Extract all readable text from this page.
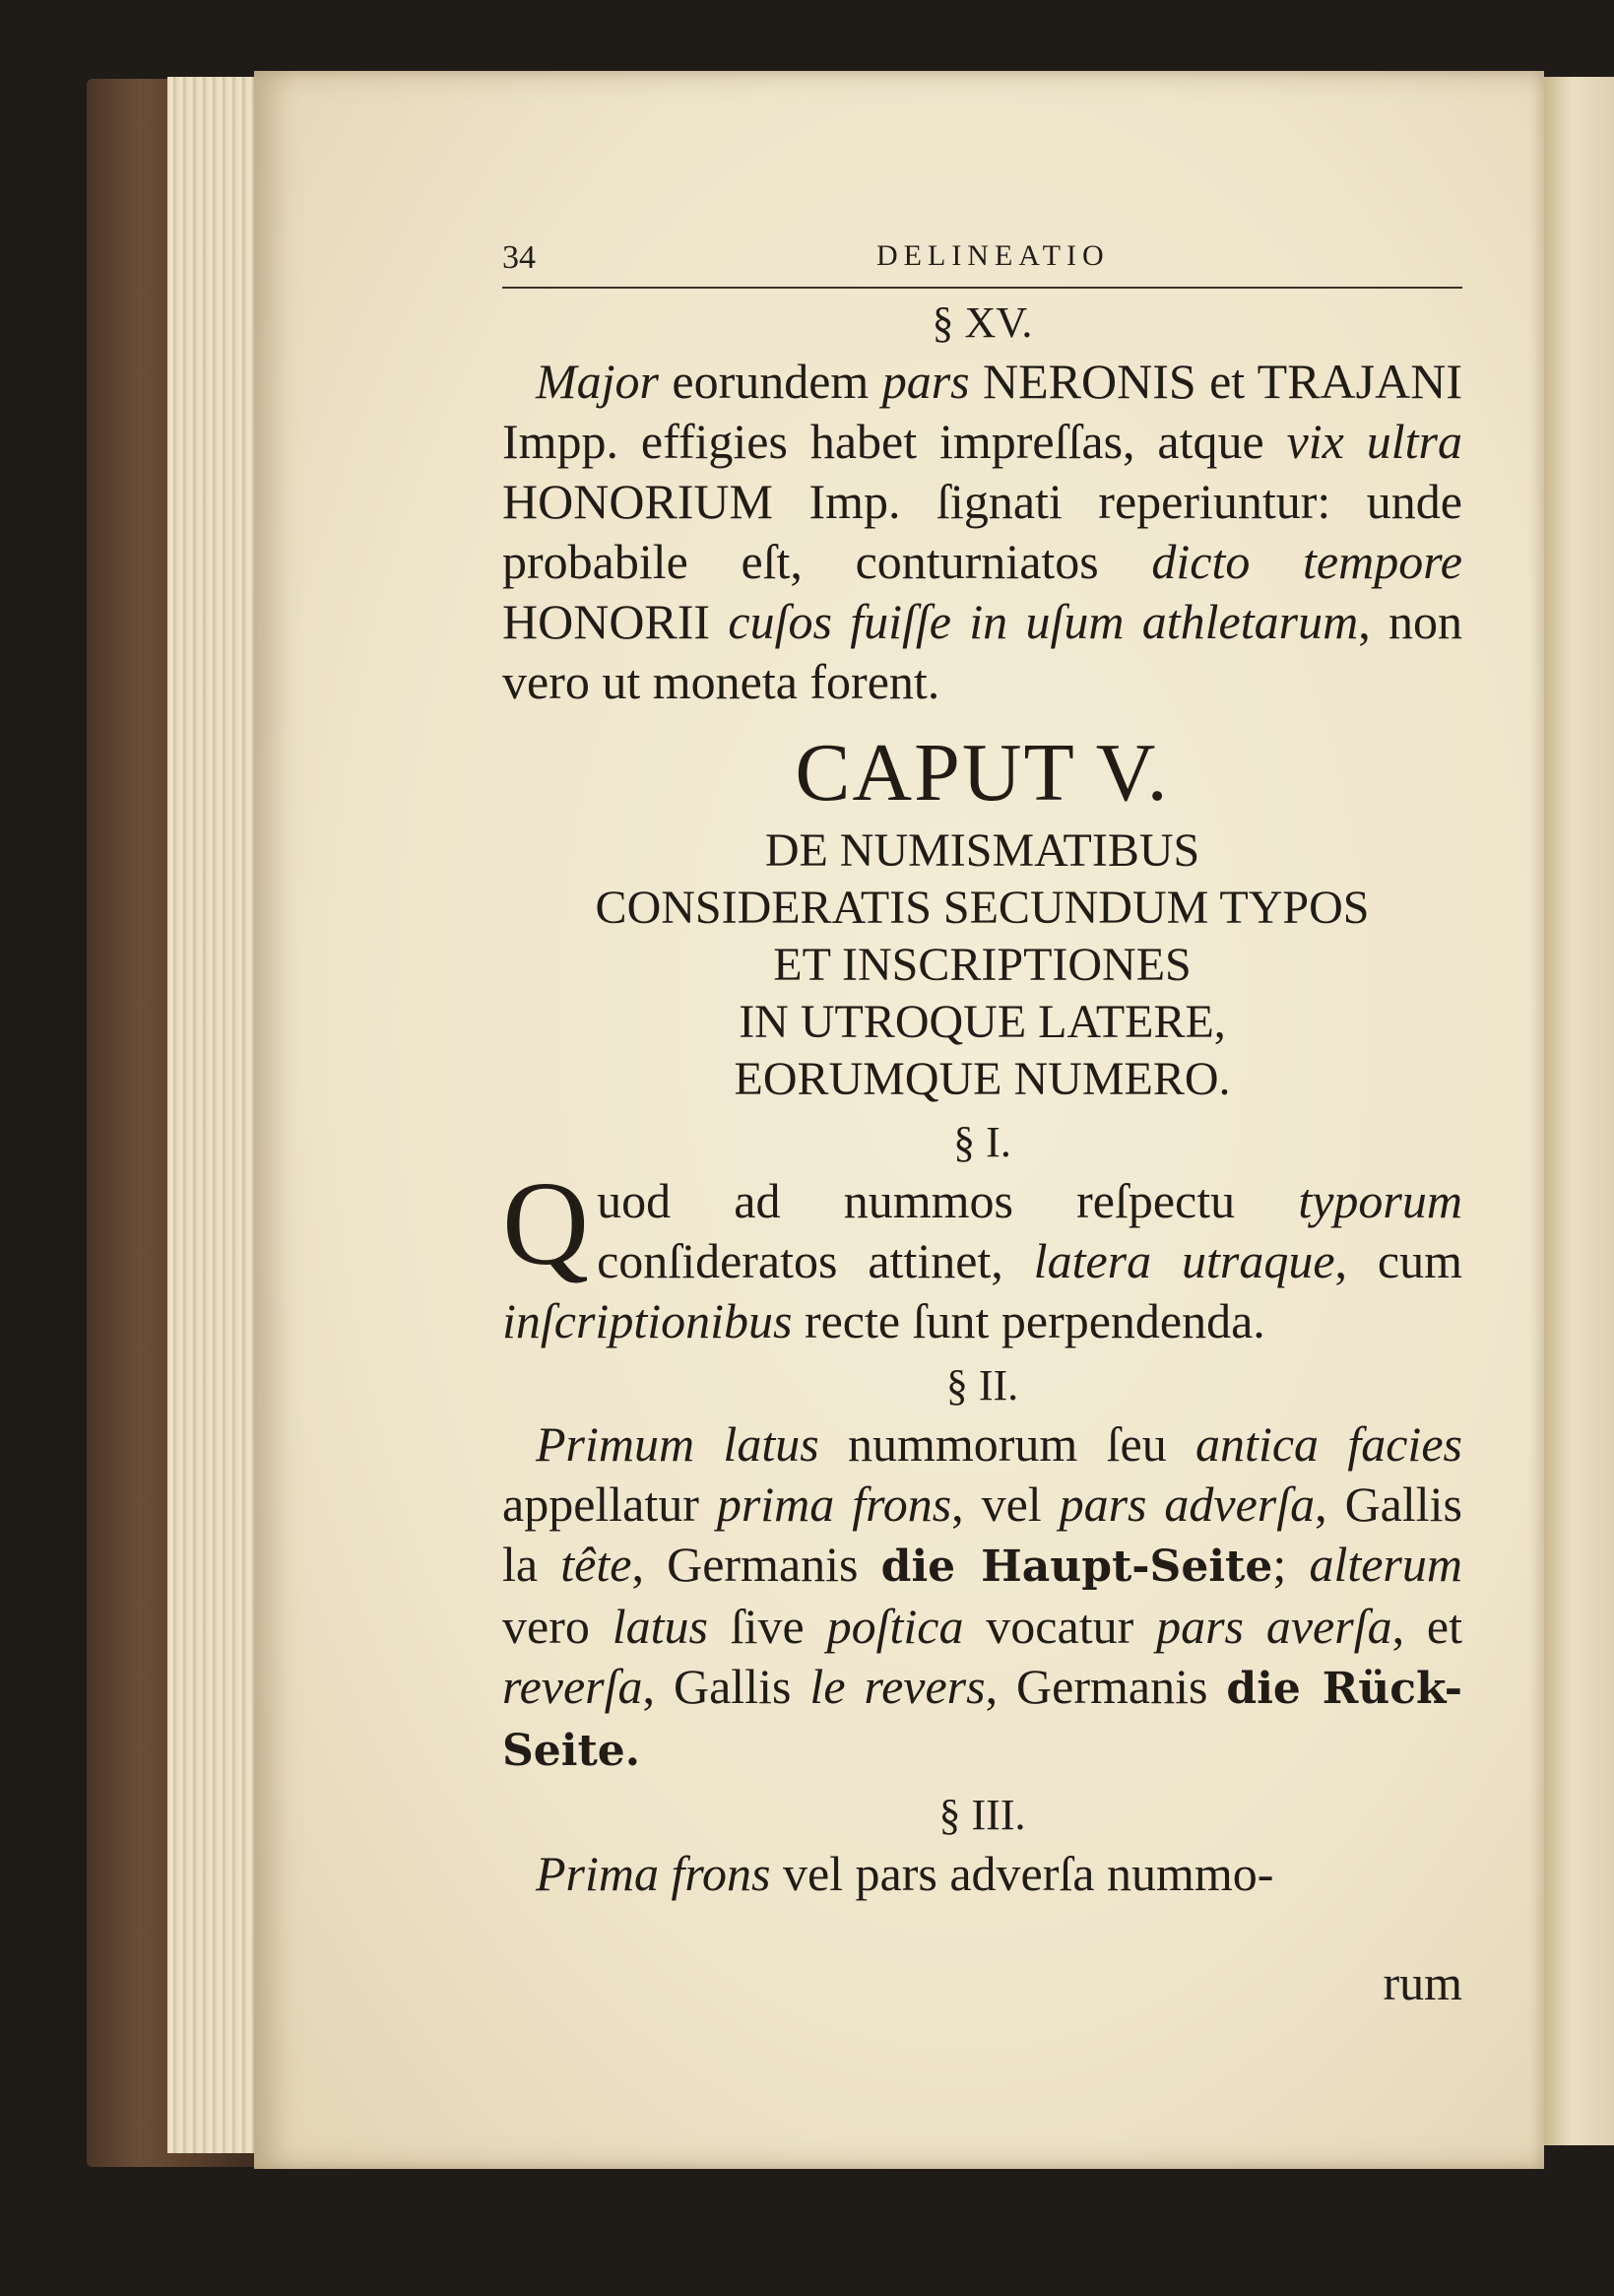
34	DELINEATIO

§ XV.

Major eorundem pars NERONIS et TRAJANI Impp. effigies habet impreſſas, atque vix ultra HONORIUM Imp. ſignati reperiuntur: unde probabile eſt, conturniatos dicto tempore HONORII cuſos fuiſſe in uſum athletarum, non vero ut moneta forent.

CAPUT V.

DE NUMISMATIBUS

CONSIDERATIS SECUNDUM TYPOS

ET INSCRIPTIONES

IN UTROQUE LATERE,

EORUMQUE NUMERO.

§ I.

Quod ad nummos reſpectu typorum conſideratos attinet, latera utraque, cum inſcriptionibus recte ſunt perpendenda.

§ II.

Primum latus nummorum ſeu antica facies appellatur prima frons, vel pars adverſa, Gallis la tête, Germanis die Haupt-Seite; alterum vero latus ſive poſtica vocatur pars averſa, et reverſa, Gallis le revers, Germanis die Rück-Seite.

§ III.

Prima frons vel pars adverſa nummo-

rum
